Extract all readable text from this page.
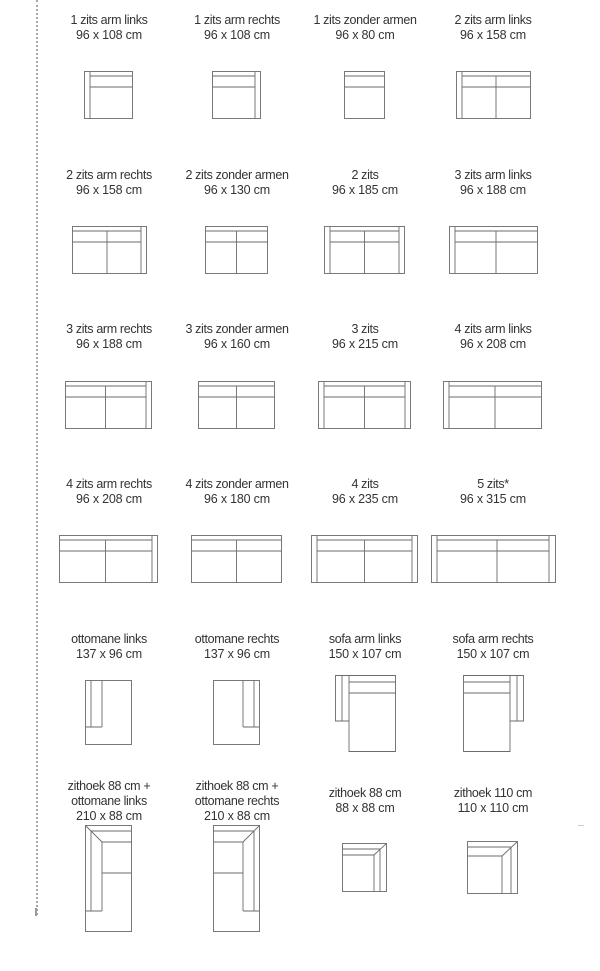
1 zits arm links
96 x 108 cm
1 zits arm rechts
96 x 108 cm
1 zits zonder armen
96 x 80 cm
2 zits arm links
96 x 158 cm
2 zits arm rechts
96 x 158 cm
2 zits zonder armen
96 x 130 cm
2 zits
96 x 185 cm
3 zits arm links
96 x 188 cm
3 zits arm rechts
96 x 188 cm
3 zits zonder armen
96 x 160 cm
3 zits
96 x 215 cm
4 zits arm links
96 x 208 cm
4 zits arm rechts
96 x 208 cm
4 zits zonder armen
96 x 180 cm
4 zits
96 x 235 cm
5 zits*
96 x 315 cm
ottomane links
137 x 96 cm
ottomane rechts
137 x 96 cm
sofa arm links
150 x 107 cm
sofa arm rechts
150 x 107 cm
zithoek 88 cm +
ottomane links
210 x 88 cm
zithoek 88 cm +
ottomane rechts
210 x 88 cm
zithoek 88 cm
88 x 88 cm
zithoek 110 cm
110 x 110 cm
